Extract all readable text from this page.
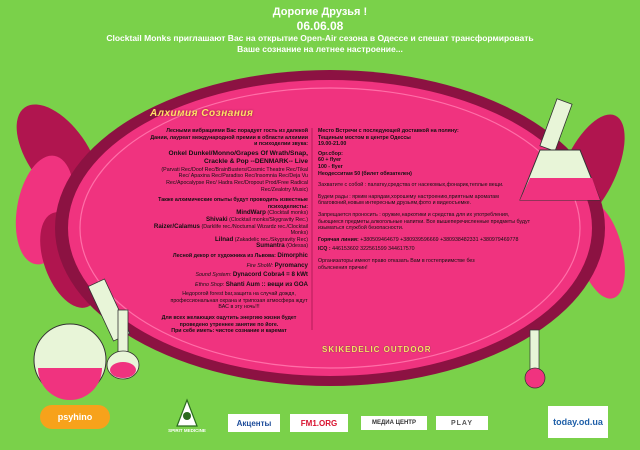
Дорогие Друзья !
06.06.08
Clocktail Monks приглашают Вас на открытие Open-Air сезона в Одессе и спешат трансформировать
Ваше сознание на летнее настроение...
Алхимия Сознания
Лесными вибрациями Вас порадует гость из далекой Дании, лауреат международной премии в области алхимии и психоделии звука:
Onkel Dunkel/Monno/Grapes Of Wrath/Snap, Crackle & Pop --DENMARK-- Live
(Parvati Rec/Doof Rec/BrainBusters/Cosmic Theatre Rec/Tikal Rec/ Apaxina Rec/Paradiso Rec/Insomnia Rec/Deja Vu Rec/Apocalypse Rec/ Hadra Rec/Dropout Prod/Free Radical Rec/Zealotry Music)
Также алхимические опыты будут проводить известные психоделисты:
MindWarp (Clocktail monks)
Shivaki (Clocktail monks/Skygravity Rec.)
Raizer/Calamus (Darklife rec./Nocturnal Wizardz rec./Clocktail Monks)
Lilnad (Zakadelic rec./Skygravity Rec)
Sumantra (Odessa)
Лесной декор от художника из Львова: Dimorphic
Fire ShoW: Pyromancy
Sound System: Dynacord Cobra4 = 8 kWt
Ethno Shop: Shanti Aum :: вещи из GOA
Недорогой forest bar,защита на случай дождя, профессиональная охрана и трипозая атмосфера ждут ВАС в эту ночь!!!
Для всех желающих ощутить энергию жизни будет проведено утреннее занятие по йоге.
При себе иметь: чистое сознание и каремат
Место Встречи с последующей доставкой на поляну: Тещиным мостом в центре Одессы
19.00-21.00
Орг.сбор:
60 + flyer
100 - flyer
Неодесситам 50 (билет обязателен)
Захватите с собой : палатку,средства от насекомых,фонарик,теплые вещи.
Будем рады : ярким нарядам,хорошему настроению,приятным ароматам благовоний,новым интересным друзьям,фото и видеосъемке.
Запрещается проносить : оружие,наркотики и средства для их употребления, бьющиеся предметы,алкогольные напитки. Все вышеперечисленные предметы будут изыматься службой безопасности.
Горячая линия: +380509464679 +380939596669 +380938482331 +380979469778
ICQ : 446153602 322561599 344617570
Организаторы имеют право отказать Вам в гостеприимстве без объяснения причин!
SKIKEDELIC OUTDOOR
psyhino
SPIRIT MEDICINE
Акценты	FM1.ORG	МЕДИА ЦЕНТР	PLAY	today.od.ua
